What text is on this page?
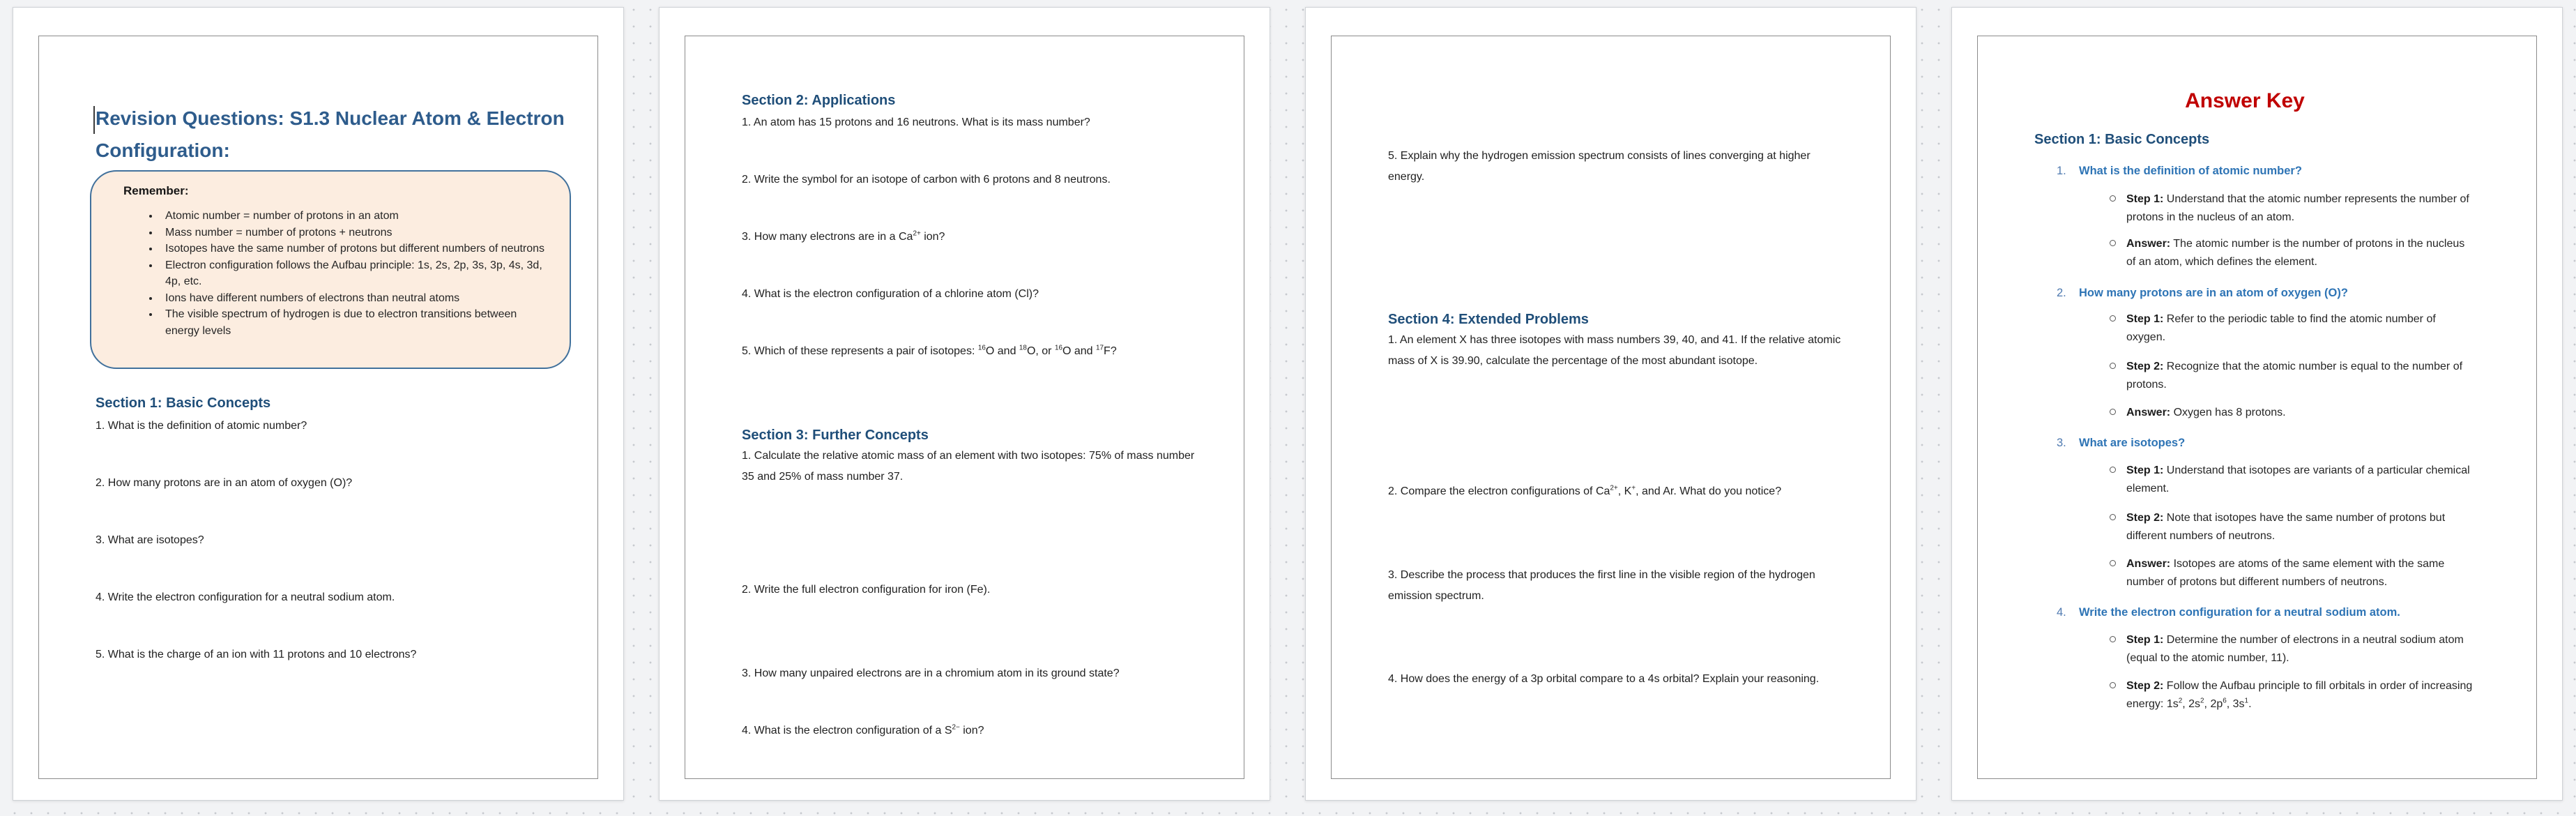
Revision Questions: S1.3 Nuclear Atom & Electron
Configuration:
Remember:
• Atomic number = number of protons in an atom
• Mass number = number of protons + neutrons
• Isotopes have the same number of protons but different numbers of neutrons
• Electron configuration follows the Aufbau principle: 1s, 2s, 2p, 3s, 3p, 4s, 3d, 4p, etc.
• Ions have different numbers of electrons than neutral atoms
• The visible spectrum of hydrogen is due to electron transitions between energy levels
Section 1: Basic Concepts

1. What is the definition of atomic number?

2. How many protons are in an atom of oxygen (O)?

3. What are isotopes?

4. Write the electron configuration for a neutral sodium atom.

5. What is the charge of an ion with 11 protons and 10 electrons?

Section 2: Applications

1. An atom has 15 protons and 16 neutrons. What is its mass number?

2. Write the symbol for an isotope of carbon with 6 protons and 8 neutrons.

3. How many electrons are in a $Ca^{2+}$ ion?

4. What is the electron configuration of a chlorine atom (Cl)?

5. Which of these represents a pair of isotopes: $^{16}$O and $^{18}$O, or $^{16}$O and $^{17}$F?

Section 3: Further Concepts

1. Calculate the relative atomic mass of an element with two isotopes: 75% of mass number 35 and 25% of mass number 37.

2. Write the full electron configuration for iron (Fe).

3. How many unpaired electrons are in a chromium atom in its ground state?

4. What is the electron configuration of a $S^{2-}$ ion?

5. Explain why the hydrogen emission spectrum consists of lines converging at higher energy.

Section 4: Extended Problems

1. An element X has three isotopes with mass numbers 39, 40, and 41. If the relative atomic mass of X is 39.90, calculate the percentage of the most abundant isotope.

2. Compare the electron configurations of $Ca^{2+}$, K+, and Ar. What do you notice?

3. Describe the process that produces the first line in the visible region of the hydrogen emission spectrum.

4. How does the energy of a 3p orbital compare to a 4s orbital? Explain your reasoning.

Answer Key
Section 1: Basic Concepts

1. What is the definition of atomic number?

Step 1: Understand that the atomic number represents the number of protons in the nucleus of an atom.

Answer: The atomic number is the number of protons in the nucleus of an atom, which defines the element.

2. How many protons are in an atom of oxygen (O)?

Step 1: Refer to the periodic table to find the atomic number of oxygen.

Step 2: Recognize that the atomic number is equal to the number of protons.

Answer: Oxygen has 8 protons.

3. What are isotopes?

Step 1: Understand that isotopes are variants of a particular chemical element.

Step 2: Note that isotopes have the same number of protons but different numbers of neutrons.

Answer: Isotopes are atoms of the same element with the same number of protons but different numbers of neutrons.

4. Write the electron configuration for a neutral sodium atom.

Step 1: Determine the number of electrons in a neutral sodium atom (equal to the atomic number, 11).

Step 2: Follow the Aufbau principle to fill orbitals in order of increasing energy: $1s^2$, $2s^2$, $2p^6$, $3s^1$.
